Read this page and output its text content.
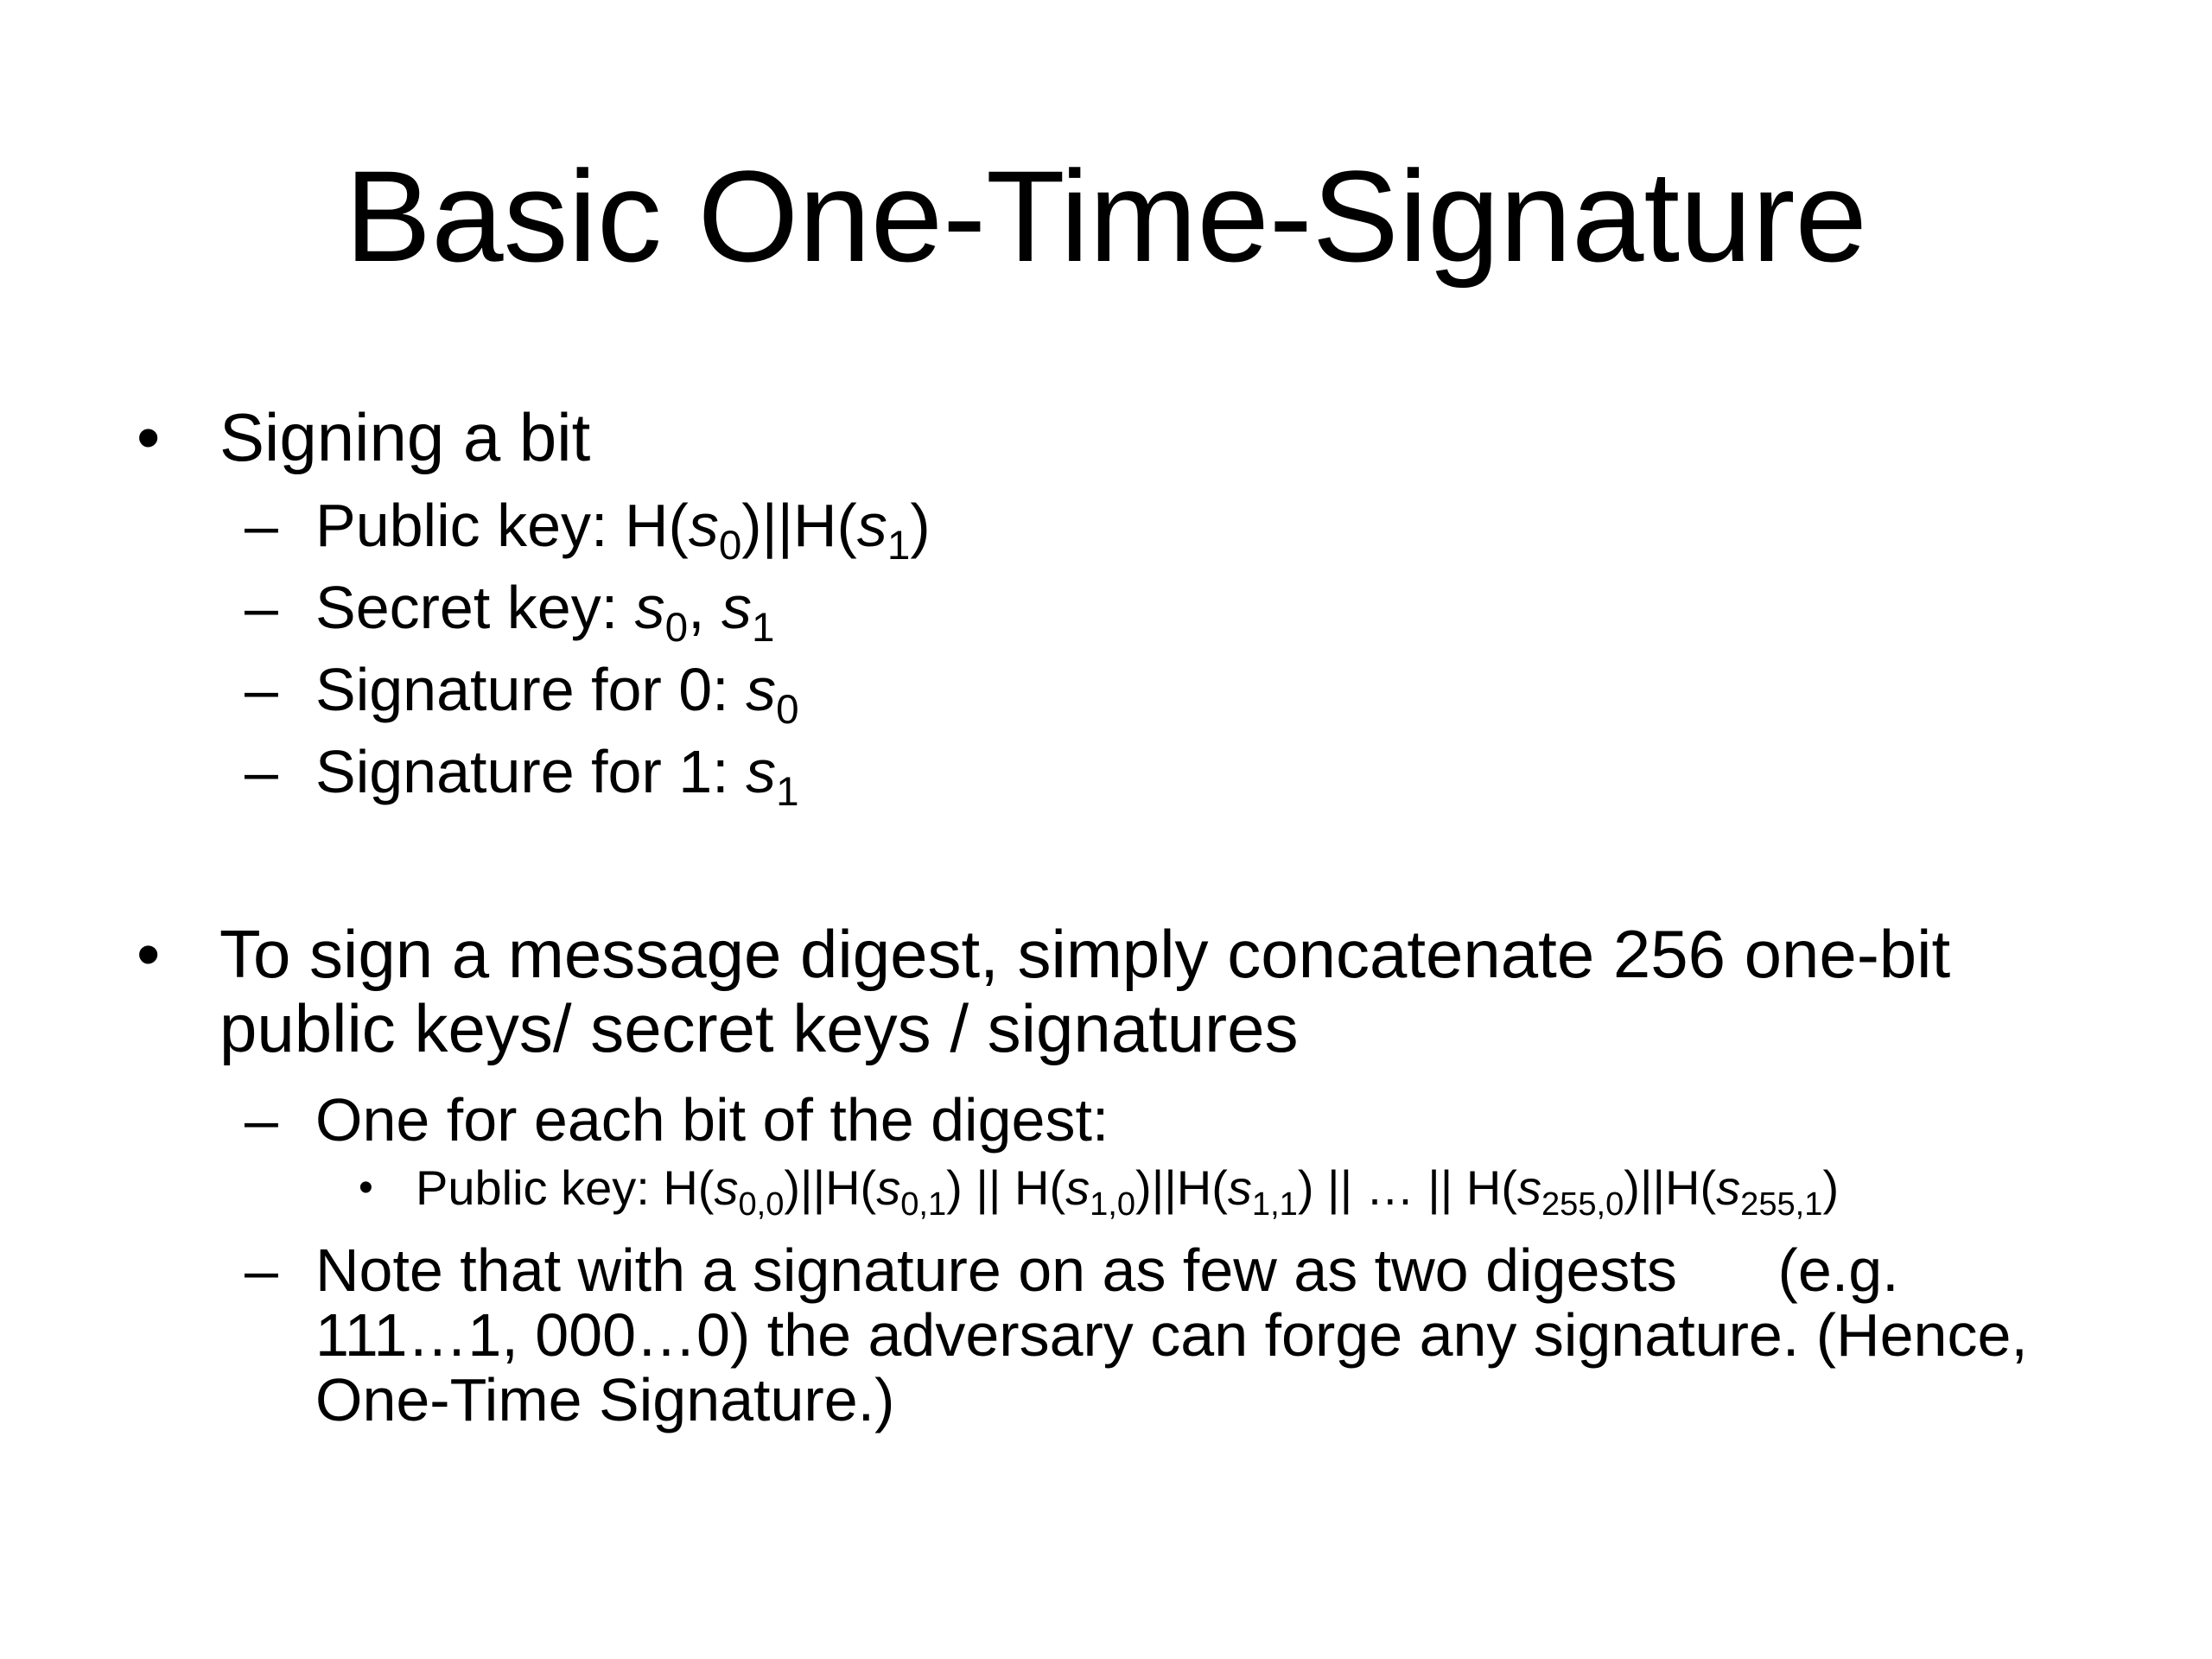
Basic One-Time-Signature
• Signing a bit
– Public key: $H(s_0)||H(s_1)$
– Secret key: $s_0$, $s_1$
– Signature for 0: $s_0$
– Signature for 1: $s_1$
• To sign a message digest, simply concatenate 256 one-bit
public keys/ secret keys / signatures
– One for each bit of the digest:
• Public key: $H(s_{0,0})||H(s_{0,1})$ || $H(s_{1,0})||H(s_{1,1})$ || … || $H(s_{255,0})||H(s_{255,1})$
– Note that with a signature on as few as two digests      (e.g.
111…1, 000…0) the adversary can forge any signature. (Hence,
One-Time Signature.)
